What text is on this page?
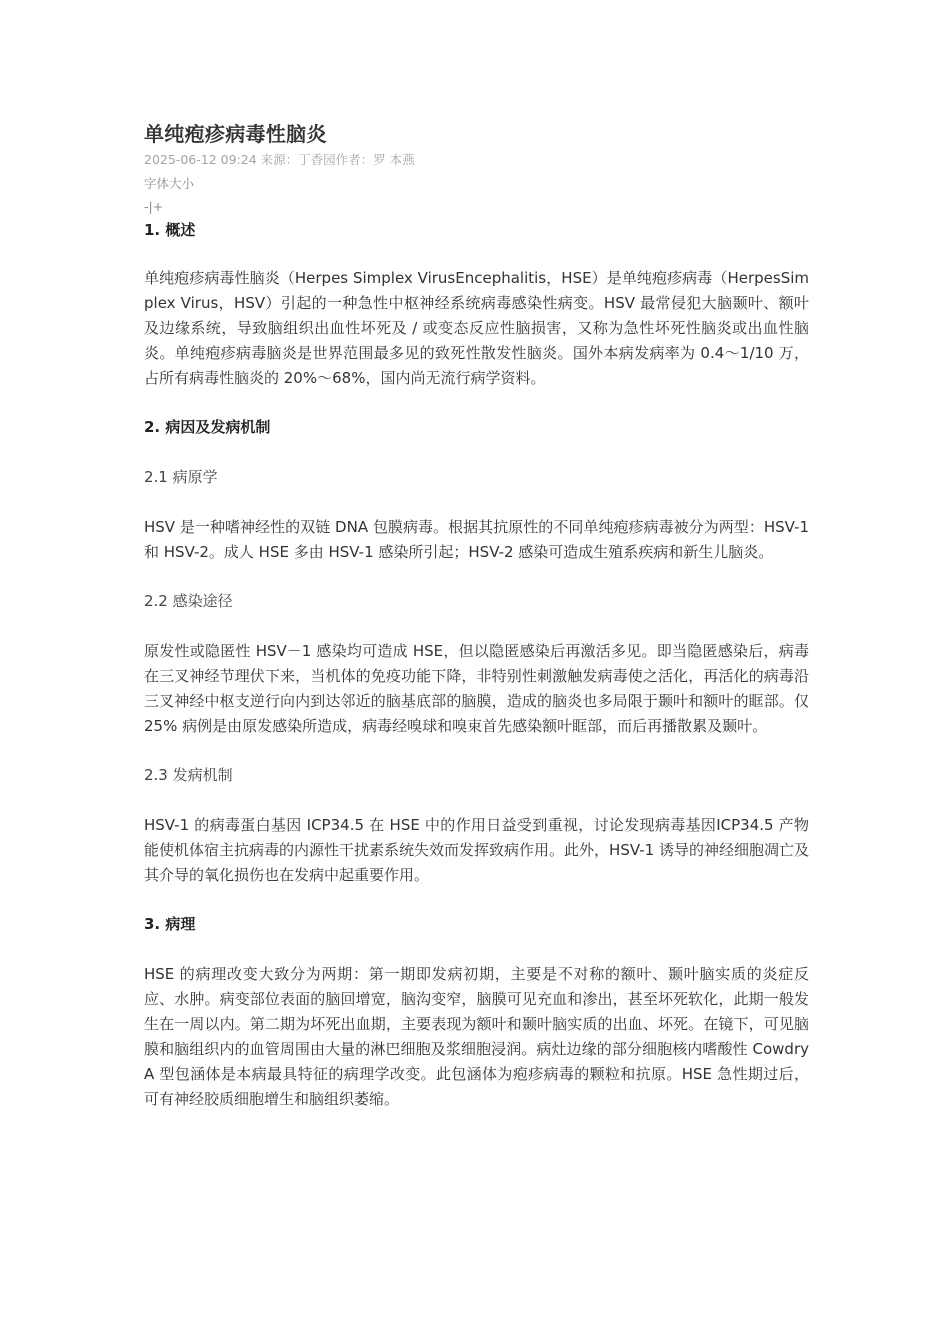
单纯疱疹病毒性脑炎
2025-06-12 09:24 来源：丁香园作者：罗 本燕
字体大小
-|+
1. 概述

单纯疱疹病毒性脑炎（Herpes Simplex VirusEncephalitis，HSE）是单纯疱疹病毒（HerpesSimplex Virus，HSV）引起的一种急性中枢神经系统病毒感染性病变。HSV 最常侵犯大脑颞叶、额叶及边缘系统，导致脑组织出血性坏死及 / 或变态反应性脑损害，又称为急性坏死性脑炎或出血性脑炎。单纯疱疹病毒脑炎是世界范围最多见的致死性散发性脑炎。国外本病发病率为 0.4～1/10 万，占所有病毒性脑炎的 20%～68%，国内尚无流行病学资料。

2. 病因及发病机制
2.1 病原学

HSV 是一种嗜神经性的双链 DNA 包膜病毒。根据其抗原性的不同单纯疱疹病毒被分为两型：HSV-1 和 HSV-2。成人 HSE 多由 HSV-1 感染所引起；HSV-2 感染可造成生殖系疾病和新生儿脑炎。

2.2 感染途径

原发性或隐匿性 HSV－1 感染均可造成 HSE，但以隐匿感染后再激活多见。即当隐匿感染后，病毒在三叉神经节理伏下来，当机体的免疫功能下降，非特别性刺激触发病毒使之活化，再活化的病毒沿三叉神经中枢支逆行向内到达邻近的脑基底部的脑膜，造成的脑炎也多局限于颞叶和额叶的眶部。仅 25% 病例是由原发感染所造成，病毒经嗅球和嗅束首先感染额叶眶部，而后再播散累及颞叶。

2.3 发病机制

HSV-1 的病毒蛋白基因 ICP34.5 在 HSE 中的作用日益受到重视，讨论发现病毒基因ICP34.5 产物能使机体宿主抗病毒的内源性干扰素系统失效而发挥致病作用。此外，HSV-1 诱导的神经细胞凋亡及其介导的氧化损伤也在发病中起重要作用。

3. 病理

HSE 的病理改变大致分为两期：第一期即发病初期，主要是不对称的额叶、颞叶脑实质的炎症反应、水肿。病变部位表面的脑回增宽，脑沟变窄，脑膜可见充血和渗出，甚至坏死软化，此期一般发生在一周以内。第二期为坏死出血期，主要表现为额叶和颞叶脑实质的出血、坏死。在镜下，可见脑膜和脑组织内的血管周围由大量的淋巴细胞及浆细胞浸润。病灶边缘的部分细胞核内嗜酸性 CowdryA 型包涵体是本病最具特征的病理学改变。此包涵体为疱疹病毒的颗粒和抗原。HSE 急性期过后，可有神经胶质细胞增生和脑组织萎缩。
